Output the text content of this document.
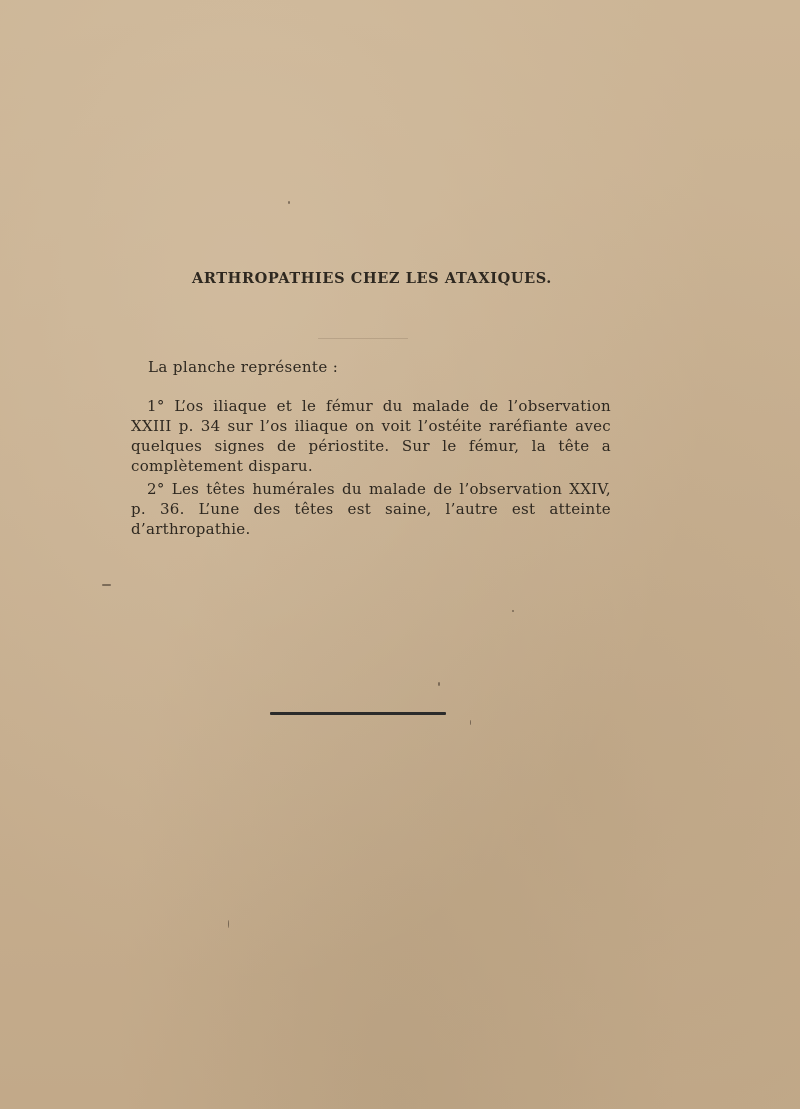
ARTHROPATHIES CHEZ LES ATAXIQUES.
La planche représente :
1° L’os iliaque et le fémur du malade de l’observation XXIII p. 34 sur l’os iliaque on voit l’ostéite raréfiante avec quelques signes de périostite. Sur le fémur, la tête a complètement disparu.
2° Les têtes humérales du malade de l’observation XXIV, p. 36. L’une des têtes est saine, l’autre est atteinte d’arthropathie.
